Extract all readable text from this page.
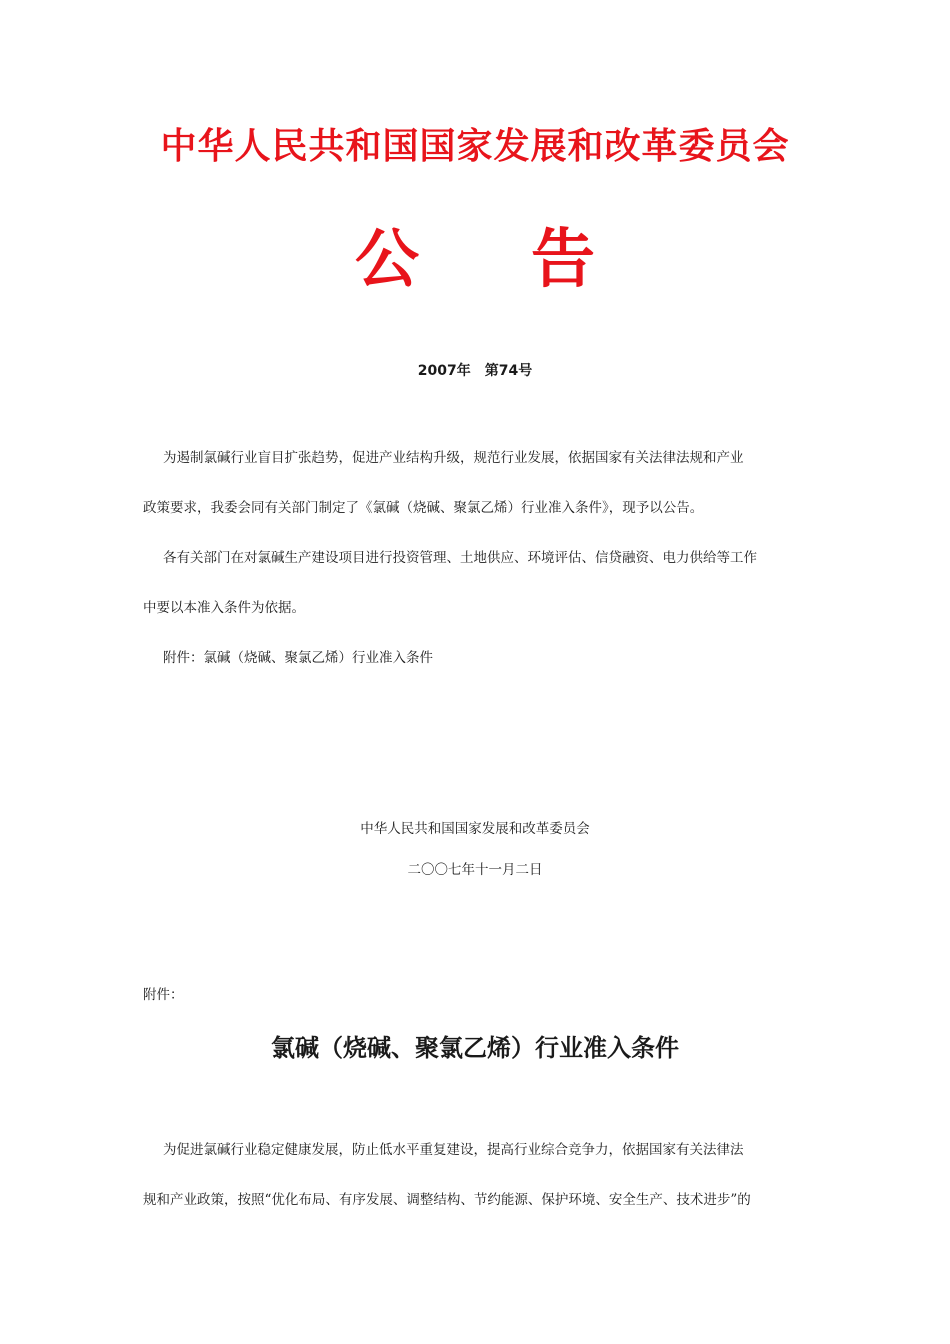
中华人民共和国国家发展和改革委员会
公 告
2007年　第74号
为遏制氯碱行业盲目扩张趋势，促进产业结构升级，规范行业发展，依据国家有关法律法规和产业
政策要求，我委会同有关部门制定了《氯碱（烧碱、聚氯乙烯）行业准入条件》，现予以公告。
各有关部门在对氯碱生产建设项目进行投资管理、土地供应、环境评估、信贷融资、电力供给等工作
中要以本准入条件为依据。
附件：氯碱（烧碱、聚氯乙烯）行业准入条件
中华人民共和国国家发展和改革委员会
二〇〇七年十一月二日
附件：
氯碱（烧碱、聚氯乙烯）行业准入条件
为促进氯碱行业稳定健康发展，防止低水平重复建设，提高行业综合竞争力，依据国家有关法律法
规和产业政策，按照“优化布局、有序发展、调整结构、节约能源、保护环境、安全生产、技术进步”的
